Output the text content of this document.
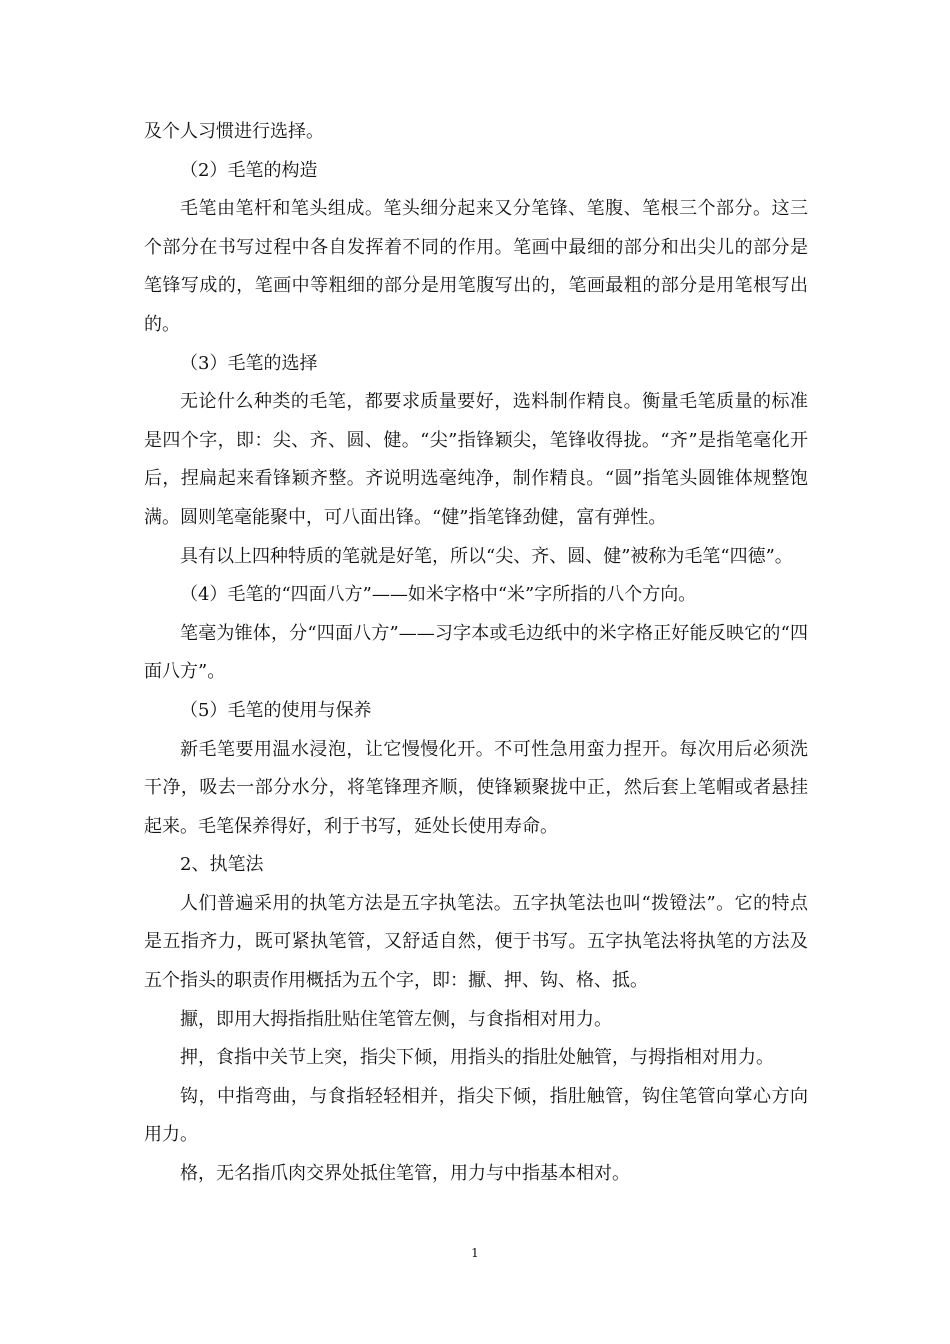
及个人习惯进行选择。

（2）毛笔的构造

毛笔由笔杆和笔头组成。笔头细分起来又分笔锋、笔腹、笔根三个部分。这三个部分在书写过程中各自发挥着不同的作用。笔画中最细的部分和出尖儿的部分是笔锋写成的，笔画中等粗细的部分是用笔腹写出的，笔画最粗的部分是用笔根写出的。

（3）毛笔的选择

无论什么种类的毛笔，都要求质量要好，选料制作精良。衡量毛笔质量的标准是四个字，即：尖、齐、圆、健。“尖”指锋颖尖，笔锋收得拢。“齐”是指笔毫化开后，捏扁起来看锋颖齐整。齐说明选毫纯净，制作精良。“圆”指笔头圆锥体规整饱满。圆则笔毫能聚中，可八面出锋。“健”指笔锋劲健，富有弹性。

具有以上四种特质的笔就是好笔，所以“尖、齐、圆、健”被称为毛笔“四德”。

（4）毛笔的“四面八方”——如米字格中“米”字所指的八个方向。

笔毫为锥体，分“四面八方”——习字本或毛边纸中的米字格正好能反映它的“四面八方”。

（5）毛笔的使用与保养

新毛笔要用温水浸泡，让它慢慢化开。不可性急用蛮力捏开。每次用后必须洗干净，吸去一部分水分，将笔锋理齐顺，使锋颖聚拢中正，然后套上笔帽或者悬挂起来。毛笔保养得好，利于书写，延处长使用寿命。

2、执笔法

人们普遍采用的执笔方法是五字执笔法。五字执笔法也叫“拨镫法”。它的特点是五指齐力，既可紧执笔管，又舒适自然，便于书写。五字执笔法将执笔的方法及五个指头的职责作用概括为五个字，即：擫、押、钩、格、抵。

擫，即用大拇指指肚贴住笔管左侧，与食指相对用力。

押，食指中关节上突，指尖下倾，用指头的指肚处触管，与拇指相对用力。

钩，中指弯曲，与食指轻轻相并，指尖下倾，指肚触管，钩住笔管向掌心方向用力。

格，无名指爪肉交界处抵住笔管，用力与中指基本相对。

1
